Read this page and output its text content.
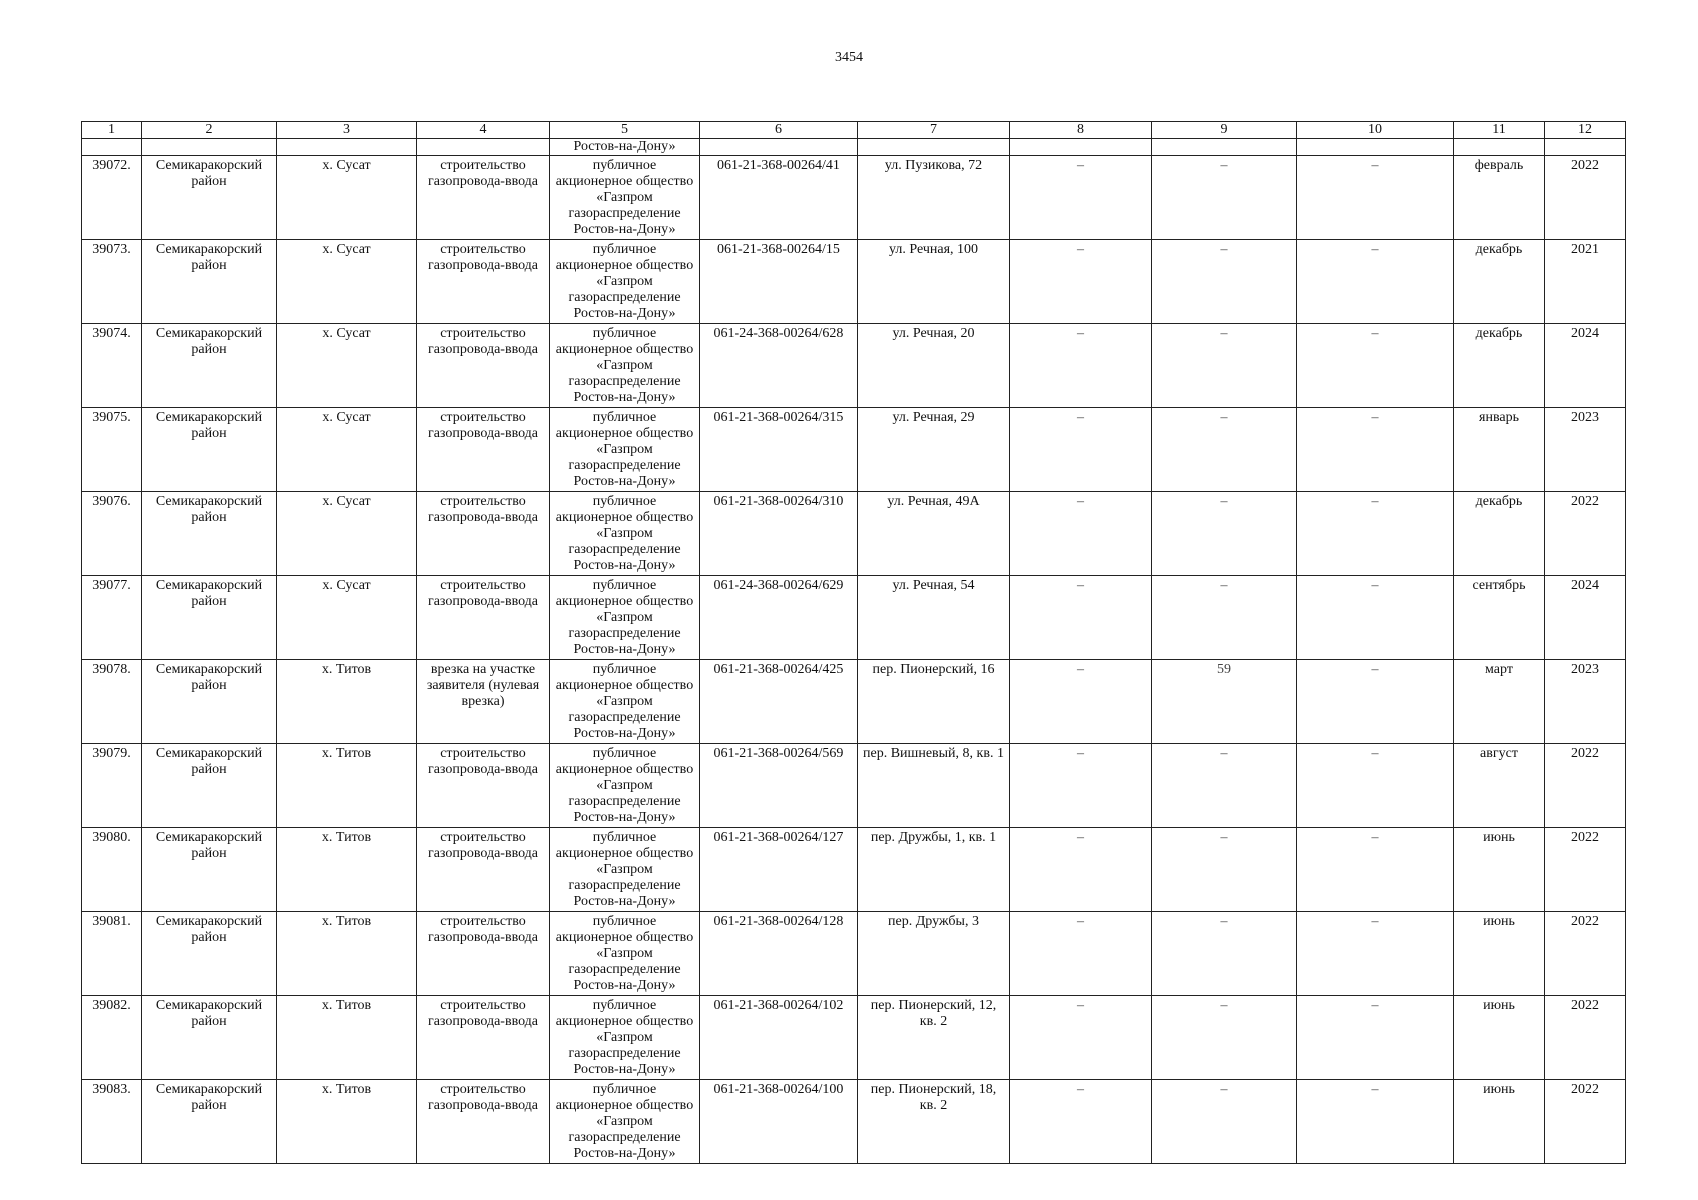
3454
1	2	3	4	5	6	7	8	9	10	11	12
				Ростов-на-Дону»							
39072.	Семикаракорский район	х. Сусат	строительство газопровода-ввода	публичное акционерное общество «Газпром газораспределение Ростов-на-Дону»	061-21-368-00264/41	ул. Пузикова, 72	–	–	–	февраль	2022
39073.	Семикаракорский район	х. Сусат	строительство газопровода-ввода	публичное акционерное общество «Газпром газораспределение Ростов-на-Дону»	061-21-368-00264/15	ул. Речная, 100	–	–	–	декабрь	2021
39074.	Семикаракорский район	х. Сусат	строительство газопровода-ввода	публичное акционерное общество «Газпром газораспределение Ростов-на-Дону»	061-24-368-00264/628	ул. Речная, 20	–	–	–	декабрь	2024
39075.	Семикаракорский район	х. Сусат	строительство газопровода-ввода	публичное акционерное общество «Газпром газораспределение Ростов-на-Дону»	061-21-368-00264/315	ул. Речная, 29	–	–	–	январь	2023
39076.	Семикаракорский район	х. Сусат	строительство газопровода-ввода	публичное акционерное общество «Газпром газораспределение Ростов-на-Дону»	061-21-368-00264/310	ул. Речная, 49А	–	–	–	декабрь	2022
39077.	Семикаракорский район	х. Сусат	строительство газопровода-ввода	публичное акционерное общество «Газпром газораспределение Ростов-на-Дону»	061-24-368-00264/629	ул. Речная, 54	–	–	–	сентябрь	2024
39078.	Семикаракорский район	х. Титов	врезка на участке заявителя (нулевая врезка)	публичное акционерное общество «Газпром газораспределение Ростов-на-Дону»	061-21-368-00264/425	пер. Пионерский, 16	–	59	–	март	2023
39079.	Семикаракорский район	х. Титов	строительство газопровода-ввода	публичное акционерное общество «Газпром газораспределение Ростов-на-Дону»	061-21-368-00264/569	пер. Вишневый, 8, кв. 1	–	–	–	август	2022
39080.	Семикаракорский район	х. Титов	строительство газопровода-ввода	публичное акционерное общество «Газпром газораспределение Ростов-на-Дону»	061-21-368-00264/127	пер. Дружбы, 1, кв. 1	–	–	–	июнь	2022
39081.	Семикаракорский район	х. Титов	строительство газопровода-ввода	публичное акционерное общество «Газпром газораспределение Ростов-на-Дону»	061-21-368-00264/128	пер. Дружбы, 3	–	–	–	июнь	2022
39082.	Семикаракорский район	х. Титов	строительство газопровода-ввода	публичное акционерное общество «Газпром газораспределение Ростов-на-Дону»	061-21-368-00264/102	пер. Пионерский, 12, кв. 2	–	–	–	июнь	2022
39083.	Семикаракорский район	х. Титов	строительство газопровода-ввода	публичное акционерное общество «Газпром газораспределение Ростов-на-Дону»	061-21-368-00264/100	пер. Пионерский, 18, кв. 2	–	–	–	июнь	2022
